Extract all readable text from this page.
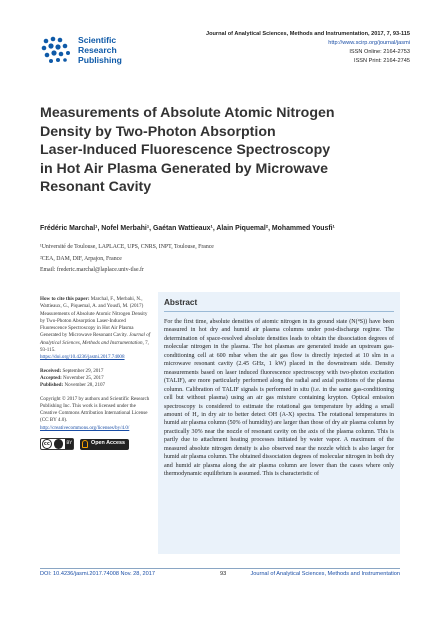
Scientific
Research
Publishing
Journal of Analytical Sciences, Methods and Instrumentation, 2017, 7, 93-115
http://www.scirp.org/journal/jasmi
ISSN Online: 2164-2753
ISSN Print: 2164-2745
Measurements of Absolute Atomic Nitrogen
Density by Two-Photon Absorption
Laser-Induced Fluorescence Spectroscopy
in Hot Air Plasma Generated by Microwave
Resonant Cavity
Frédéric Marchal¹, Nofel Merbahi¹, Gaétan Wattieaux¹, Alain Piquemal², Mohammed Yousfi¹
¹Université de Toulouse, LAPLACE, UPS, CNRS, INPT, Toulouse, France
²CEA, DAM, DIF, Arpajon, France
Email: frederic.marchal@laplace.univ-tlse.fr

How to cite this paper: Marchal, F., Merbahi, N., Wattieaux, G., Piquemal, A. and Yousfi, M. (2017) Measurements of Absolute Atomic Nitrogen Density by Two-Photon Absorption Laser-Induced Fluorescence Spectroscopy in Hot Air Plasma Generated by Microwave Resonant Cavity. Journal of Analytical Sciences, Methods and Instrumentation, 7, 93-115.
https://doi.org/10.4236/jasmi.2017.74008

Received: September 29, 2017
Accepted: November 25, 2017
Published: November 28, 2107

Copyright © 2017 by authors and Scientific Research Publishing Inc. This work is licensed under the Creative Commons Attribution International License (CC BY 4.0).
http://creativecommons.org/licenses/by/4.0/

cc	BY	Open Access
Abstract
For the first time, absolute densities of atomic nitrogen in its ground state (N(⁴S)) have been measured in hot dry and humid air plasma columns under post-discharge regime. The determination of space-resolved absolute densities leads to obtain the dissociation degrees of molecular nitrogen in the plasma. The hot plasmas are generated inside an upstream gas-conditioning cell at 600 mbar when the air gas flow is directly injected at 10 slm in a microwave resonant cavity (2.45 GHz, 1 kW) placed in the downstream side. Density measurements based on laser induced fluorescence spectroscopy with two-photon excitation (TALIF), are more particularly performed along the radial and axial positions of the plasma column. Calibration of TALIF signals is performed in situ (i.e. in the same gas-conditioning cell but without plasma) using an air gas mixture containing krypton. Optical emission spectroscopy is considered to estimate the rotational gas temperature by adding a small amount of H₂ in dry air to better detect OH (A-X) spectra. The rotational temperatures in humid air plasma column (50% of humidity) are larger than those of dry air plasma column by practically 30% near the nozzle of resonant cavity on the axis of the plasma column. This is partly due to attachment heating processes initiated by water vapor. A maximum of the measured absolute nitrogen density is also observed near the nozzle which is also larger for humid air plasma column. The obtained dissociation degrees of molecular nitrogen in both dry and humid air plasma along the air plasma column are lower than the cases where only thermodynamic equilibrium is assumed. This is characteristic of
DOI: 10.4236/jasmi.2017.74008 Nov. 28, 2017	93	Journal of Analytical Sciences, Methods and Instrumentation
